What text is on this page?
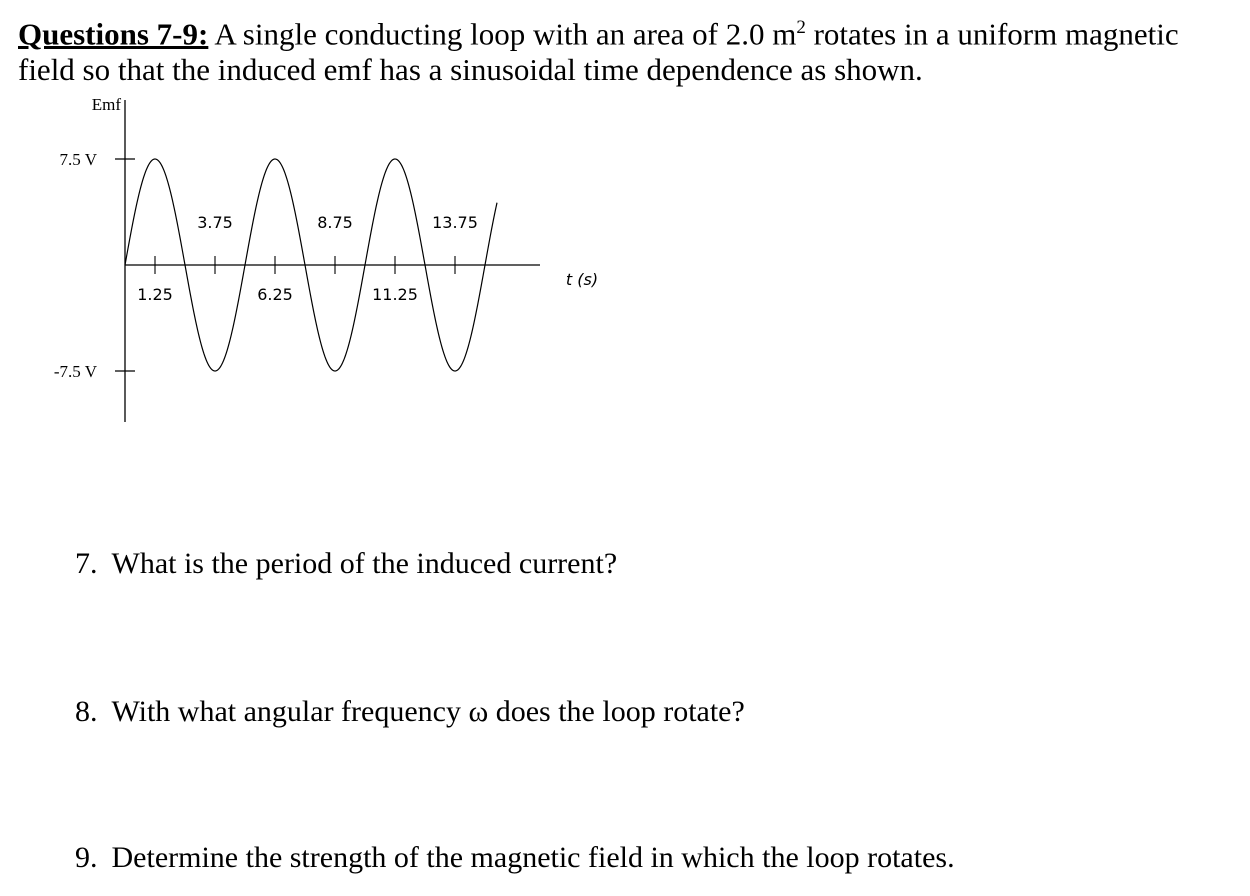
Questions 7-9: A single conducting loop with an area of 2.0 $m^2$ rotates in a uniform magnetic field so that the induced emf has a sinusoidal time dependence as shown.

7.5 V
-7.5 V
3.75	8.75	13.75
1.25	6.25	11.25
Emf
t (s)

7. What is the period of the induced current?

8. With what angular frequency ω does the loop rotate?

9. Determine the strength of the magnetic field in which the loop rotates.
